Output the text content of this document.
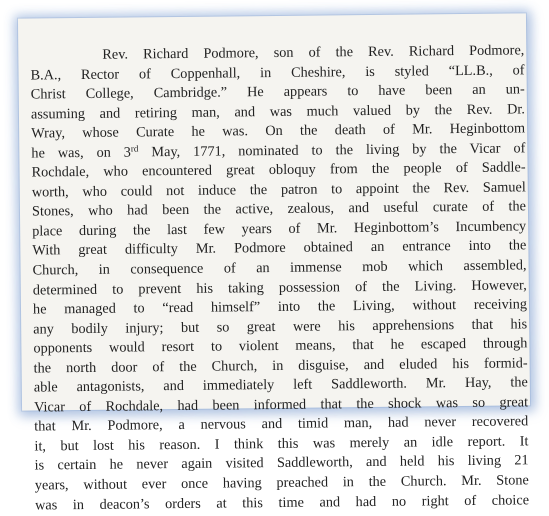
Rev. Richard Podmore, son of the Rev. Richard Podmore,
B.A., Rector of Coppenhall, in Cheshire, is styled “LL.B., of
Christ College, Cambridge.” He appears to have been an un-
assuming and retiring man, and was much valued by the Rev. Dr.
Wray, whose Curate he was. On the death of Mr. Heginbottom
he was, on 3rd May, 1771, nominated to the living by the Vicar of
Rochdale, who encountered great obloquy from the people of Saddle-
worth, who could not induce the patron to appoint the Rev. Samuel
Stones, who had been the active, zealous, and useful curate of the
place during the last few years of Mr. Heginbottom’s Incumbency
With great difficulty Mr. Podmore obtained an entrance into the
Church, in consequence of an immense mob which assembled,
determined to prevent his taking possession of the Living. However,
he managed to “read himself” into the Living, without receiving
any bodily injury; but so great were his apprehensions that his
opponents would resort to violent means, that he escaped through
the north door of the Church, in disguise, and eluded his formid-
able antagonists, and immediately left Saddleworth. Mr. Hay, the
Vicar of Rochdale, had been informed that the shock was so great
that Mr. Podmore, a nervous and timid man, had never recovered
it, but lost his reason. I think this was merely an idle report. It
is certain he never again visited Saddleworth, and held his living 21
years, without ever once having preached in the Church. Mr. Stone
was in deacon’s orders at this time and had no right of choice
